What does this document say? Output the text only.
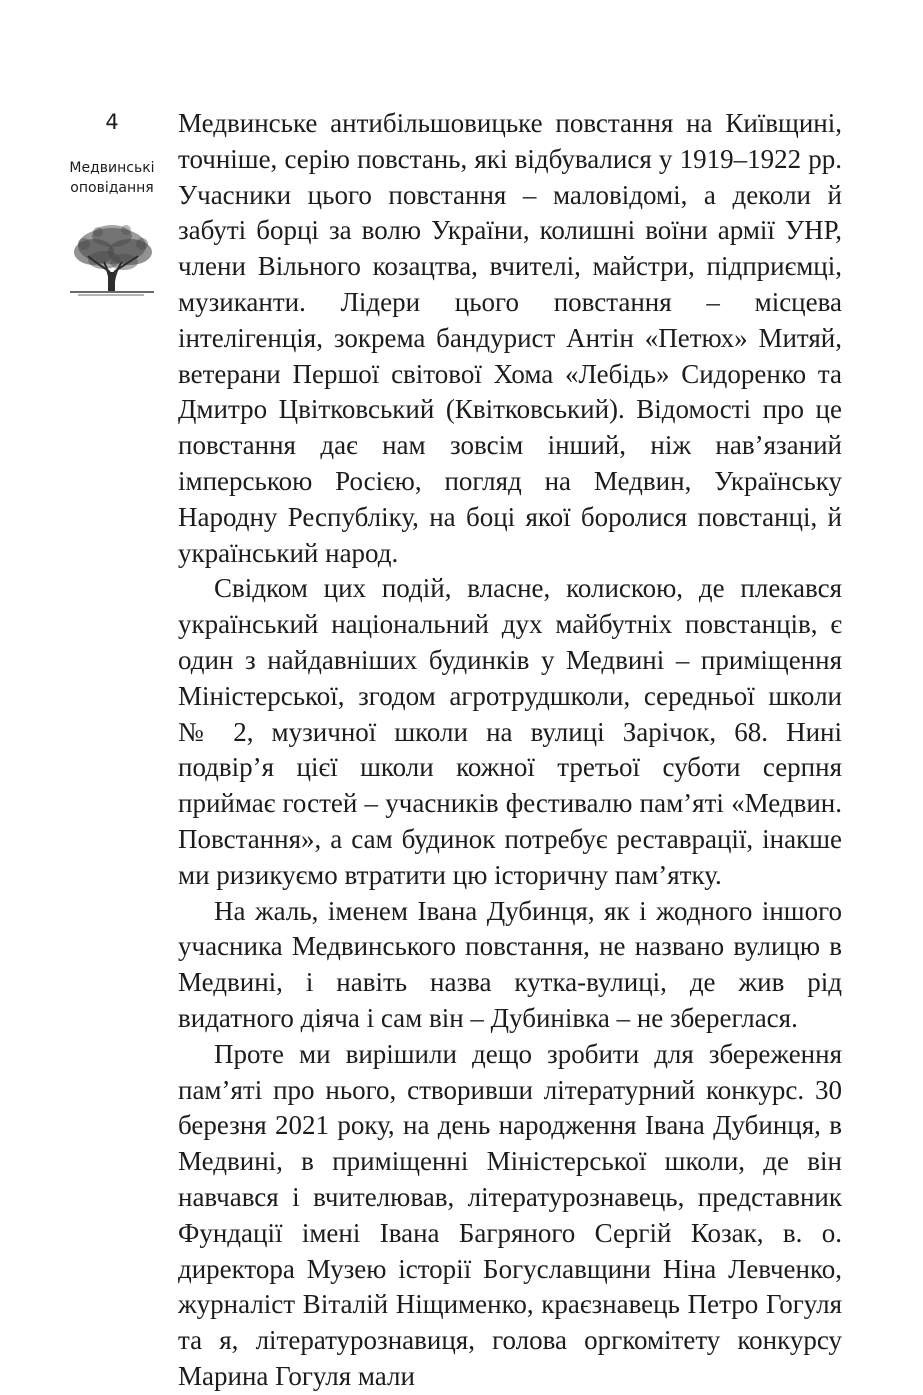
4
Медвинські оповідання

Медвинське антибільшовицьке повстання на Київщині, точніше, серію повстань, які відбувалися у 1919–1922 рр. Учасники цього повстання – маловідомі, а деколи й забуті борці за волю України, колишні воїни армії УНР, члени Вільного козацтва, вчителі, майстри, підприємці, музиканти. Лідери цього повстання – місцева інтелігенція, зокрема бандурист Антін «Петюх» Митяй, ветерани Першої світової Хома «Лебідь» Сидоренко та Дмитро Цвітковський (Квітковський). Відомості про це повстання дає нам зовсім інший, ніж нав’язаний імперською Росією, погляд на Медвин, Українську Народну Республіку, на боці якої боролися повстанці, й український народ.

Свідком цих подій, власне, колискою, де плекався український національний дух майбутніх повстанців, є один з найдавніших будинків у Медвині – приміщення Міністерської, згодом агротрудшколи, середньої школи № 2, музичної школи на вулиці Зарічок, 68. Нині подвір’я цієї школи кожної третьої суботи серпня приймає гостей – учасників фестивалю пам’яті «Медвин. Повстання», а сам будинок потребує реставрації, інакше ми ризикуємо втратити цю історичну пам’ятку.

На жаль, іменем Івана Дубинця, як і жодного іншого учасника Медвинського повстання, не названо вулицю в Медвині, і навіть назва кутка-вулиці, де жив рід видатного діяча і сам він – Дубинівка – не збереглася.

Проте ми вирішили дещо зробити для збереження пам’яті про нього, створивши літературний конкурс. 30 березня 2021 року, на день народження Івана Дубинця, в Медвині, в приміщенні Міністерської школи, де він навчався і вчителював, літературознавець, представник Фундації імені Івана Багряного Сергій Козак, в. о. директора Музею історії Богуславщини Ніна Левченко, журналіст Віталій Ніщименко, краєзнавець Петро Гогуля та я, літературознавиця, голова оргкомітету конкурсу Марина Гогуля мали
